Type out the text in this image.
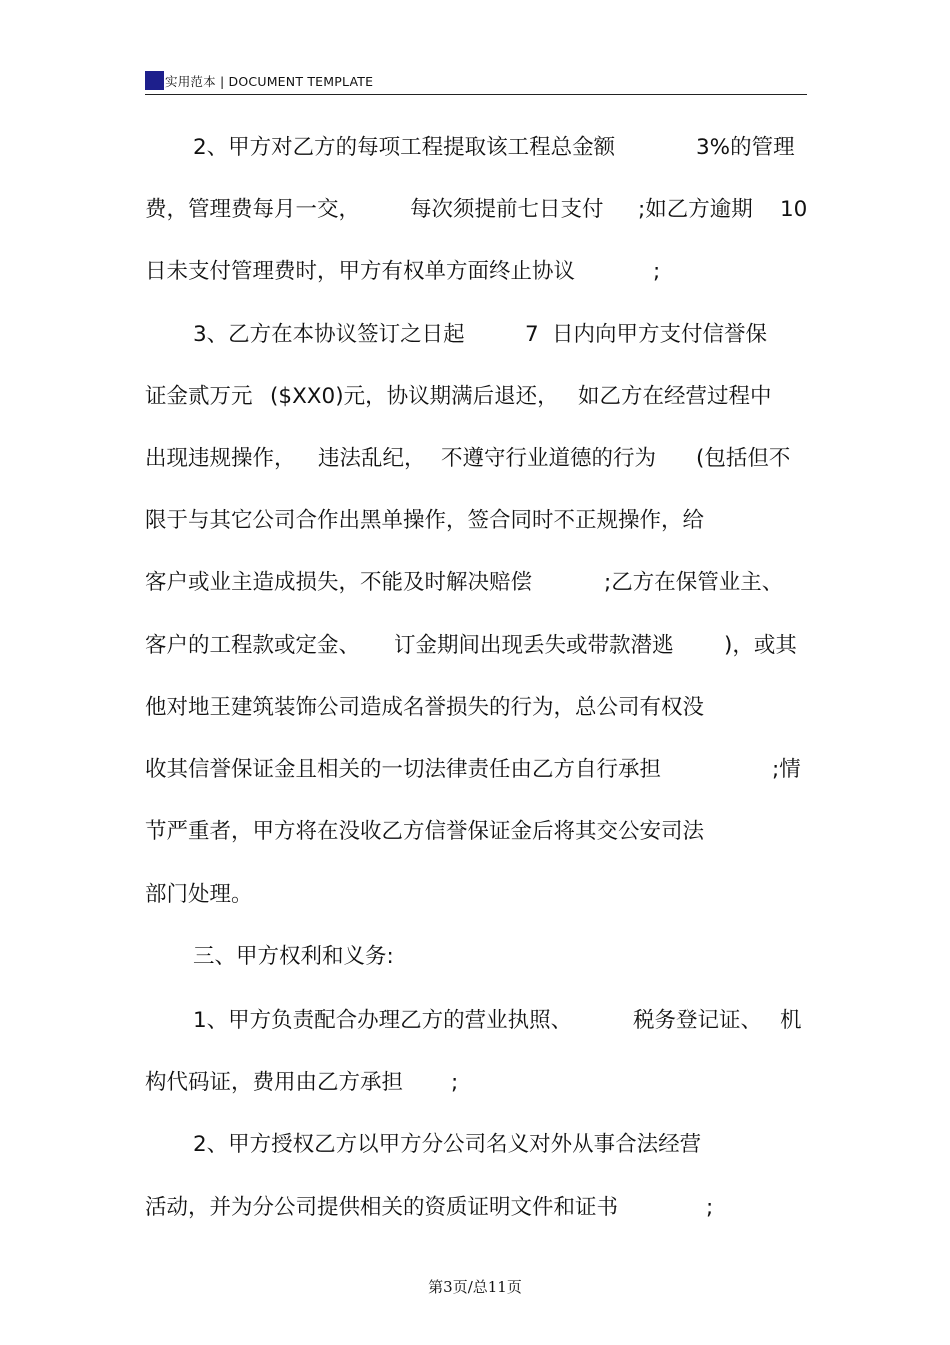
实用范本 | DOCUMENT TEMPLATE
2、甲方对乙方的每项工程提取该工程总金额	3%的管理
费，管理费每月一交， 每次须提前七日支付 ;如乙方逾期 10
日未支付管理费时，甲方有权单方面终止协议	;
3、乙方在本协议签订之日起	7 日内向甲方支付信誉保
证金贰万元 ($XX0)元，协议期满后退还， 如乙方在经营过程中
出现违规操作， 违法乱纪， 不遵守行业道德的行为 (包括但不
限于与其它公司合作出黑单操作，签合同时不正规操作，给
客户或业主造成损失，不能及时解决赔偿	;乙方在保管业主、
客户的工程款或定金、 订金期间出现丢失或带款潜逃 )，或其
他对地王建筑装饰公司造成名誉损失的行为，总公司有权没
收其信誉保证金且相关的一切法律责任由乙方自行承担	;情
节严重者，甲方将在没收乙方信誉保证金后将其交公安司法
部门处理。
三、甲方权利和义务:
1、甲方负责配合办理乙方的营业执照、	税务登记证、 机
构代码证，费用由乙方承担 ;
2、甲方授权乙方以甲方分公司名义对外从事合法经营
活动，并为分公司提供相关的资质证明文件和证书	;
第3页/总11页
